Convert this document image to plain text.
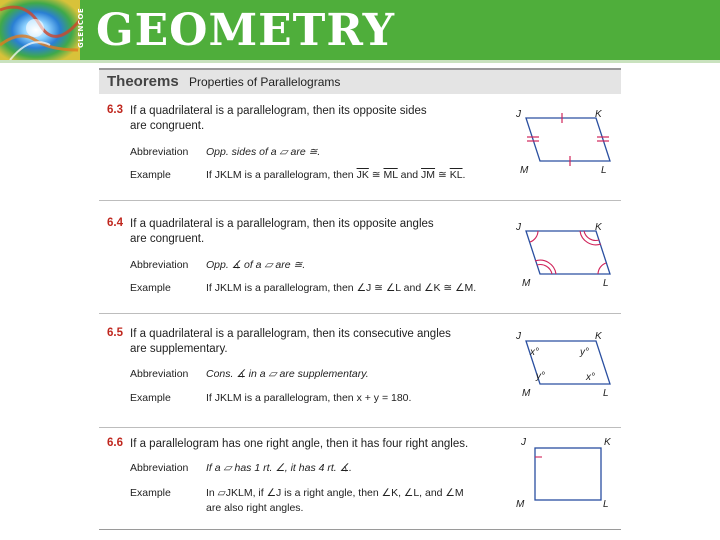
GLENCOE GEOMETRY
Theorems Properties of Parallelograms
6.3 If a quadrilateral is a parallelogram, then its opposite sides
are congruent.
Abbreviation Opp. sides of a ▱ are ≅.
Example	If JKLM is a parallelogram, then $\overline{JK}$ ≅ $\overline{ML}$ and $\overline{JM}$ ≅ $\overline{KL}$.
J	K
M	L
6.4 If a quadrilateral is a parallelogram, then its opposite angles
are congruent.
Abbreviation Opp. ∡ of a ▱ are ≅.
Example	If JKLM is a parallelogram, then ∠J ≅ ∠L and ∠K ≅ ∠M.
J	K
M	L
6.5 If a quadrilateral is a parallelogram, then its consecutive angles
are supplementary.
Abbreviation Cons. ∡ in a ▱ are supplementary.
Example	If JKLM is a parallelogram, then x + y = 180.
J	K
M	L
x°	y°
y°	x°
6.6 If a parallelogram has one right angle, then it has four right angles.
Abbreviation If a ▱ has 1 rt. ∠, it has 4 rt. ∡.
Example	In ▱JKLM, if ∠J is a right angle, then ∠K, ∠L, and ∠M
are also right angles.
J	K
M	L
